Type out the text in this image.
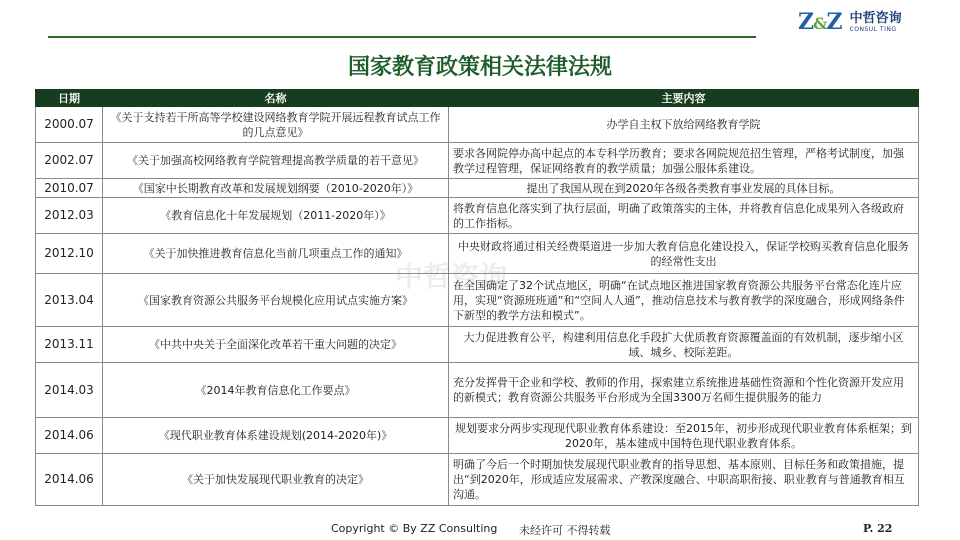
Z&Z 中哲咨询
CONSUL TING
国家教育政策相关法律法规
日期	名称	主要内容
2000.07	《关于支持若干所高等学校建设网络教育学院开展远程教育试点工作的几点意见》	办学自主权下放给网络教育学院
2002.07	《关于加强高校网络教育学院管理提高教学质量的若干意见》	要求各网院停办高中起点的本专科学历教育；要求各网院规范招生管理，严格考试制度，加强教学过程管理，保证网络教育的教学质量；加强公服体系建设。
2010.07	《国家中长期教育改革和发展规划纲要（2010-2020年）》	提出了我国从现在到2020年各级各类教育事业发展的具体目标。
2012.03	《教育信息化十年发展规划（2011-2020年）》	将教育信息化落实到了执行层面，明确了政策落实的主体，并将教育信息化成果列入各级政府的工作指标。
2012.10	《关于加快推进教育信息化当前几项重点工作的通知》	中央财政将通过相关经费渠道进一步加大教育信息化建设投入，保证学校购买教育信息化服务的经常性支出
2013.04	《国家教育资源公共服务平台规模化应用试点实施方案》	在全国确定了32个试点地区，明确“在试点地区推进国家教育资源公共服务平台常态化连片应用，实现“资源班班通”和“空间人人通”，推动信息技术与教育教学的深度融合，形成网络条件下新型的教学方法和模式”。
2013.11	《中共中央关于全面深化改革若干重大问题的决定》	大力促进教育公平，构建利用信息化手段扩大优质教育资源覆盖面的有效机制，逐步缩小区域、城乡、校际差距。
2014.03	《2014年教育信息化工作要点》	充分发挥骨干企业和学校、教师的作用，探索建立系统推进基础性资源和个性化资源开发应用的新模式；教育资源公共服务平台形成为全国3300万名师生提供服务的能力
2014.06	《现代职业教育体系建设规划(2014-2020年)》	规划要求分两步实现现代职业教育体系建设：至2015年，初步形成现代职业教育体系框架；到2020年，基本建成中国特色现代职业教育体系。
2014.06	《关于加快发展现代职业教育的决定》	明确了今后一个时期加快发展现代职业教育的指导思想、基本原则、目标任务和政策措施，提出“到2020年，形成适应发展需求、产教深度融合、中职高职衔接、职业教育与普通教育相互沟通。
中哲咨询
Copyright © By ZZ Consulting 未经许可 不得转载	P. 22
